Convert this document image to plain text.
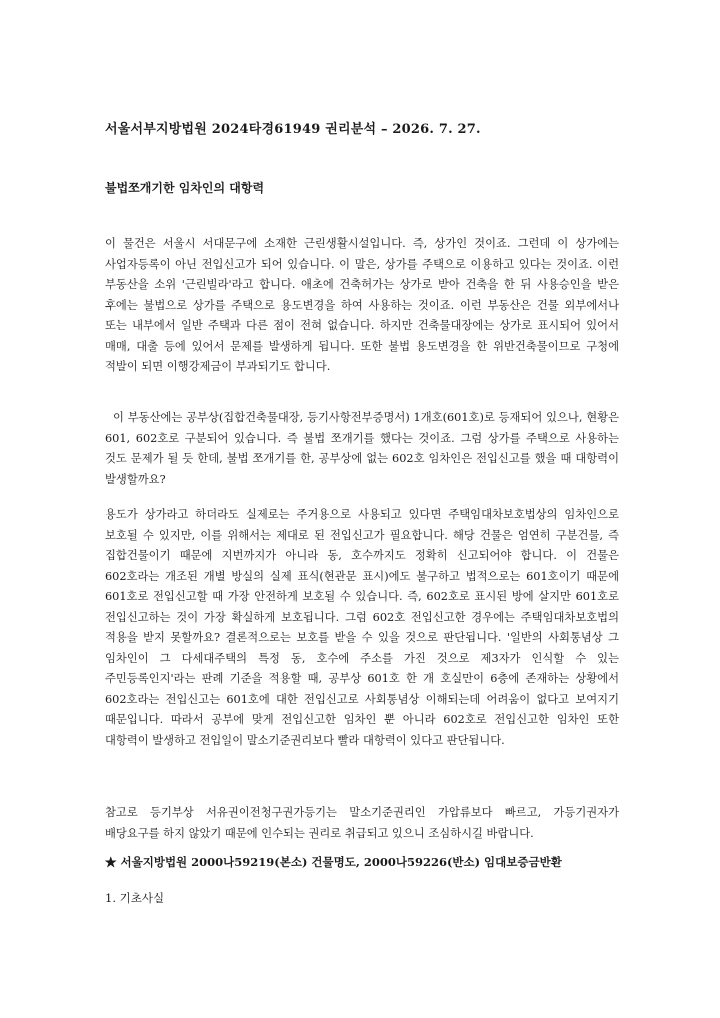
서울서부지방법원 2024타경61949 권리분석 – 2026. 7. 27.
불법쪼개기한 임차인의 대항력

이 물건은 서울시 서대문구에 소재한 근린생활시설입니다. 즉, 상가인 것이죠. 그런데 이 상가에는 사업자등록이 아닌 전입신고가 되어 있습니다. 이 말은, 상가를 주택으로 이용하고 있다는 것이죠. 이런 부동산을 소위 '근린빌라'라고 합니다. 애초에 건축허가는 상가로 받아 건축을 한 뒤 사용승인을 받은 후에는 불법으로 상가를 주택으로 용도변경을 하여 사용하는 것이죠. 이런 부동산은 건물 외부에서나 또는 내부에서 일반 주택과 다른 점이 전혀 없습니다. 하지만 건축물대장에는 상가로 표시되어 있어서 매매, 대출 등에 있어서 문제를 발생하게 됩니다. 또한 불법 용도변경을 한 위반건축물이므로 구청에 적발이 되면 이행강제금이 부과되기도 합니다.

이 부동산에는 공부상(집합건축물대장, 등기사항전부증명서) 1개호(601호)로 등재되어 있으나, 현황은 601, 602호로 구분되어 있습니다. 즉 불법 쪼개기를 했다는 것이죠. 그럼 상가를 주택으로 사용하는 것도 문제가 될 듯 한데, 불법 쪼개기를 한, 공부상에 없는 602호 임차인은 전입신고를 했을 때 대항력이 발생할까요?

용도가 상가라고 하더라도 실제로는 주거용으로 사용되고 있다면 주택임대차보호법상의 임차인으로 보호될 수 있지만, 이를 위해서는 제대로 된 전입신고가 필요합니다. 해당 건물은 엄연히 구분건물, 즉 집합건물이기 때문에 지번까지가 아니라 동, 호수까지도 정확히 신고되어야 합니다. 이 건물은 602호라는 개조된 개별 방실의 실제 표식(현관문 표시)에도 불구하고 법적으로는 601호이기 때문에 601호로 전입신고할 때 가장 안전하게 보호될 수 있습니다. 즉, 602호로 표시된 방에 살지만 601호로 전입신고하는 것이 가장 확실하게 보호됩니다. 그럼 602호 전입신고한 경우에는 주택임대차보호법의 적용을 받지 못할까요? 결론적으로는 보호를 받을 수 있을 것으로 판단됩니다. '일반의 사회통념상 그 임차인이 그 다세대주택의 특정 동, 호수에 주소를 가진 것으로 제3자가 인식할 수 있는 주민등록인지'라는 판례 기준을 적용할 때, 공부상 601호 한 개 호실만이 6층에 존재하는 상황에서 602호라는 전입신고는 601호에 대한 전입신고로 사회통념상 이해되는데 어려움이 없다고 보여지기 때문입니다. 따라서 공부에 맞게 전입신고한 임차인 뿐 아니라 602호로 전입신고한 임차인 또한 대항력이 발생하고 전입일이 말소기준권리보다 빨라 대항력이 있다고 판단됩니다.

참고로 등기부상 서유권이전청구권가등기는 말소기준권리인 가압류보다 빠르고, 가등기권자가 배당요구를 하지 않았기 때문에 인수되는 권리로 취급되고 있으니 조심하시길 바랍니다.

★ 서울지방법원 2000나59219(본소) 건물명도, 2000나59226(반소) 임대보증금반환

1. 기초사실
